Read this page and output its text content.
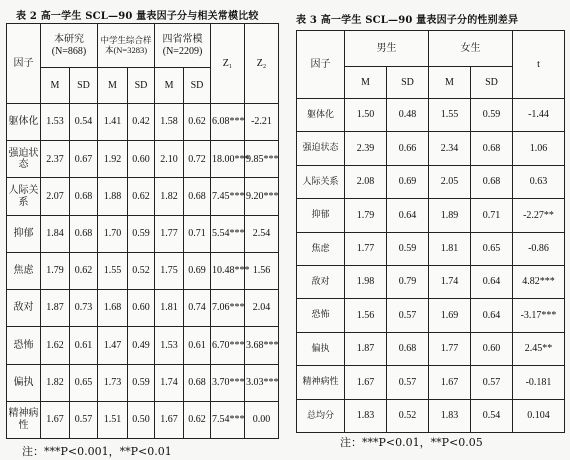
表 2 高一学生 SCL—90 量表因子分与相关常模比较
因子	本研究(N=868)		中学生综合样本(N=3283)		四省常模(N=2209)		Z₁	Z₂
	M	SD	M	SD	M	SD		
躯体化	1.53	0.54	1.41	0.42	1.58	0.62	6.08***	-2.21
强迫状态	2.37	0.67	1.92	0.60	2.10	0.72	18.00***	9.85***
人际关系	2.07	0.68	1.88	0.62	1.82	0.68	7.45***	9.20***
抑郁	1.84	0.68	1.70	0.59	1.77	0.71	5.54***	2.54
焦虑	1.79	0.62	1.55	0.52	1.75	0.69	10.48***	1.56
敌对	1.87	0.73	1.68	0.60	1.81	0.74	7.06***	2.04
恐怖	1.62	0.61	1.47	0.49	1.53	0.61	6.70***	3.68***
偏执	1.82	0.65	1.73	0.59	1.74	0.68	3.70***	3.03***
精神病性	1.67	0.57	1.51	0.50	1.67	0.62	7.54***	0.00
注：***P<0.001，**P<0.01
表 3 高一学生 SCL—90 量表因子分的性别差异
因子	男生		女生		t
	M	SD	M	SD	
躯体化	1.50	0.48	1.55	0.59	-1.44
强迫状态	2.39	0.66	2.34	0.68	1.06
人际关系	2.08	0.69	2.05	0.68	0.63
抑郁	1.79	0.64	1.89	0.71	-2.27**
焦虑	1.77	0.59	1.81	0.65	-0.86
敌对	1.98	0.79	1.74	0.64	4.82***
恐怖	1.56	0.57	1.69	0.64	-3.17***
偏执	1.87	0.68	1.77	0.60	2.45**
精神病性	1.67	0.57	1.67	0.57	-0.181
总均分	1.83	0.52	1.83	0.54	0.104
注：***P<0.01，**P<0.05
